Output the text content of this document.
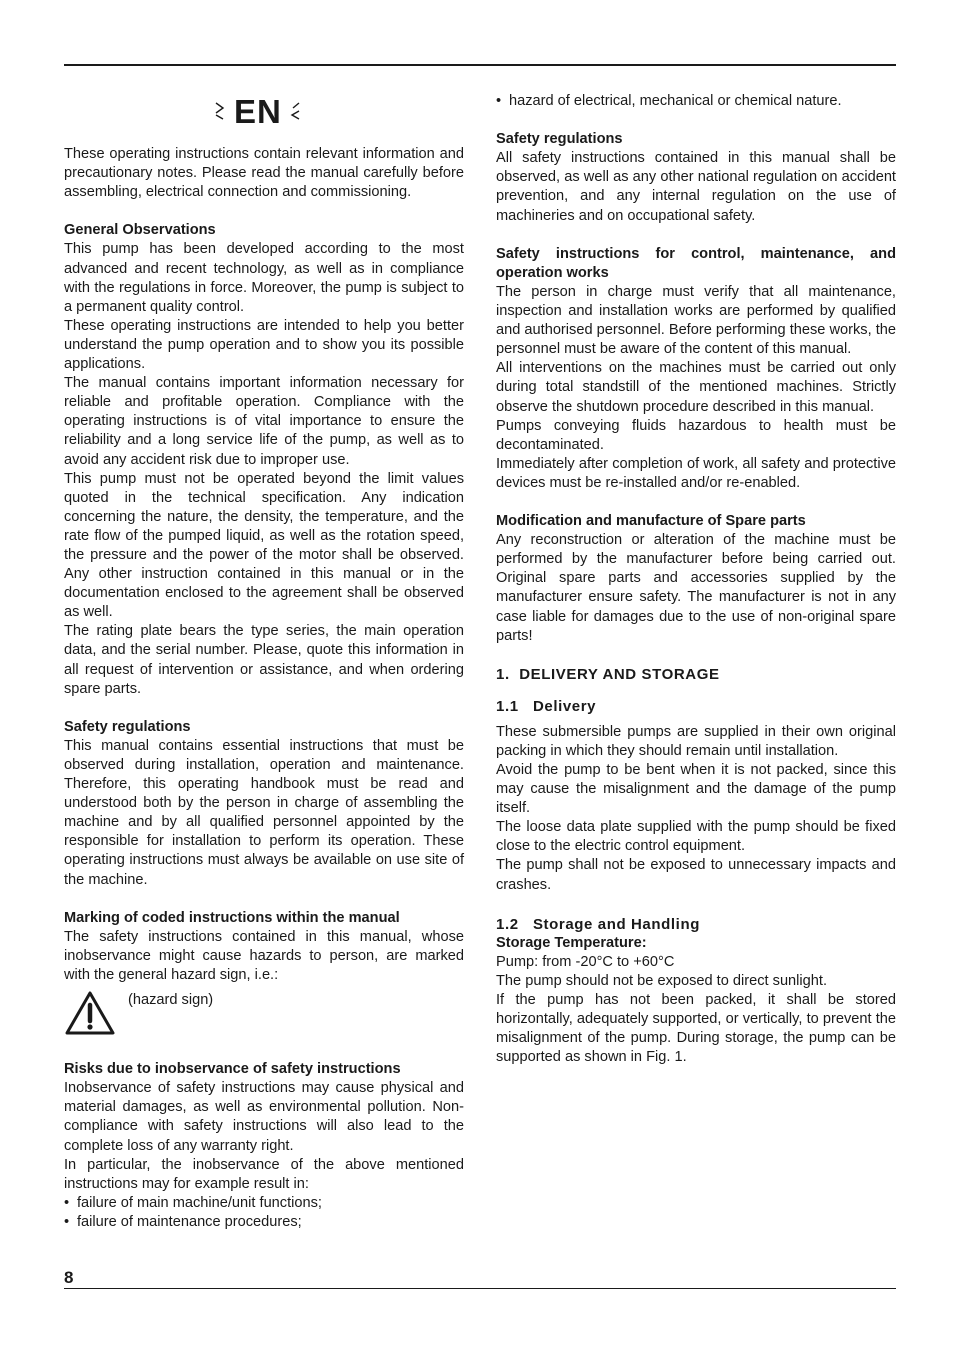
EN

These operating instructions contain relevant information and precautionary notes. Please read the manual carefully before assembling, electrical connection and commissioning.

General Observations

This pump has been developed according to the most advanced and recent technology, as well as in compliance with the regulations in force. Moreover, the pump is subject to a permanent quality control.

These operating instructions are intended to help you better understand the pump operation and to show you its possible applications.

The manual contains important information necessary for reliable and profitable operation. Compliance with the operating instructions is of vital importance to ensure the reliability and a long service life of the pump, as well as to avoid any accident risk due to improper use.

This pump must not be operated beyond the limit values quoted in the technical specification. Any indication concerning the nature, the density, the temperature, and the rate flow of the pumped liquid, as well as the rotation speed, the pressure and the power of the motor shall be observed. Any other instruction contained in this manual or in the documentation enclosed to the agreement shall be observed as well.

The rating plate bears the type series, the main operation data, and the serial number. Please, quote this information in all request of intervention or assistance, and when ordering spare parts.

Safety regulations

This manual contains essential instructions that must be observed during installation, operation and maintenance. Therefore, this operating handbook must be read and understood both by the person in charge of assembling the machine and by all qualified personnel appointed by the responsible for installation to perform its operation. These operating instructions must always be available on use site of the machine.

Marking of coded instructions within the manual

The safety instructions contained in this manual, whose inobservance might cause hazards to person, are marked with the general hazard sign, i.e.:

(hazard sign)
Risks due to inobservance of safety instructions

Inobservance of safety instructions may cause physical and material damages, as well as environmental pollution. Non-compliance with safety instructions will also lead to the complete loss of any warranty right.

In particular, the inobservance of the above mentioned instructions may for example result in:

• failure of main machine/unit functions;
• failure of maintenance procedures;
• hazard of electrical, mechanical or chemical nature.
Safety regulations

All safety instructions contained in this manual shall be observed, as well as any other national regulation on accident prevention, and any internal regulation on the use of machineries and on occupational safety.

Safety instructions for control, maintenance, and operation works

The person in charge must verify that all maintenance, inspection and installation works are performed by qualified and authorised personnel. Before performing these works, the personnel must be aware of the content of this manual.

All interventions on the machines must be carried out only during total standstill of the mentioned machines. Strictly observe the shutdown procedure described in this manual.

Pumps conveying fluids hazardous to health must be decontaminated.

Immediately after completion of work, all safety and protective devices must be re-installed and/or re-enabled.

Modification and manufacture of Spare parts

Any reconstruction or alteration of the machine must be performed by the manufacturer before being carried out. Original spare parts and accessories supplied by the manufacturer ensure safety. The manufacturer is not in any case liable for damages due to the use of non-original spare parts!

1.  DELIVERY AND STORAGE
1.1   Delivery

These submersible pumps are supplied in their own original packing in which they should remain until installation.

Avoid the pump to be bent when it is not packed, since this may cause the misalignment and the damage of the pump itself.

The loose data plate supplied with the pump should be fixed close to the electric control equipment.

The pump shall not be exposed to unnecessary impacts and crashes.

1.2   Storage and Handling
Storage Temperature:

Pump: from -20°C to +60°C

The pump should not be exposed to direct sunlight.

If the pump has not been packed, it shall be stored horizontally, adequately supported, or vertically, to prevent the misalignment of the pump. During storage, the pump can be supported as shown in Fig. 1.

8
